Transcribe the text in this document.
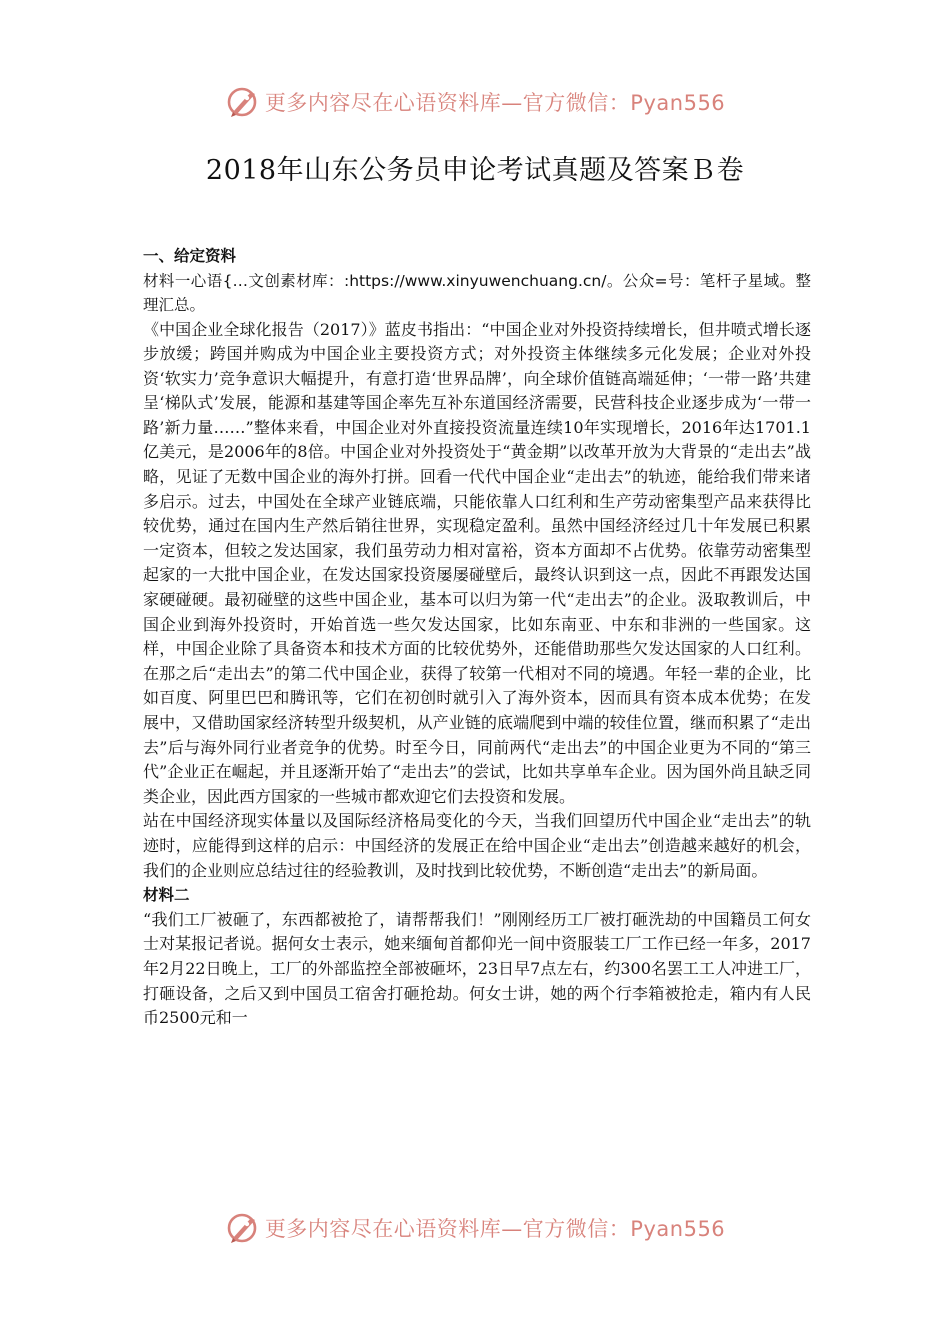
更多内容尽在心语资料库—官方微信：Pyan556
2018年山东公务员申论考试真题及答案Ｂ卷

一、给定资料

材料一心语{…文创素材库：:https://www.xinyuwenchuang.cn/。公众=号：笔杆子星域。整理汇总。

《中国企业全球化报告（2017）》蓝皮书指出：“中国企业对外投资持续增长，但井喷式增长逐步放缓；跨国并购成为中国企业主要投资方式；对外投资主体继续多元化发展；企业对外投资‘软实力’竞争意识大幅提升，有意打造‘世界品牌’，向全球价值链高端延伸；‘一带一路’共建呈‘梯队式’发展，能源和基建等国企率先互补东道国经济需要，民营科技企业逐步成为‘一带一路’新力量……”整体来看，中国企业对外直接投资流量连续10年实现增长，2016年达1701.1亿美元，是2006年的8倍。中国企业对外投资处于“黄金期”以改革开放为大背景的“走出去”战略，见证了无数中国企业的海外打拼。回看一代代中国企业“走出去”的轨迹，能给我们带来诸多启示。过去，中国处在全球产业链底端，只能依靠人口红利和生产劳动密集型产品来获得比较优势，通过在国内生产然后销往世界，实现稳定盈利。虽然中国经济经过几十年发展已积累一定资本，但较之发达国家，我们虽劳动力相对富裕，资本方面却不占优势。依靠劳动密集型起家的一大批中国企业，在发达国家投资屡屡碰壁后，最终认识到这一点，因此不再跟发达国家硬碰硬。最初碰壁的这些中国企业，基本可以归为第一代“走出去”的企业。汲取教训后，中国企业到海外投资时，开始首选一些欠发达国家，比如东南亚、中东和非洲的一些国家。这样，中国企业除了具备资本和技术方面的比较优势外，还能借助那些欠发达国家的人口红利。在那之后“走出去”的第二代中国企业，获得了较第一代相对不同的境遇。年轻一辈的企业，比如百度、阿里巴巴和腾讯等，它们在初创时就引入了海外资本，因而具有资本成本优势；在发展中，又借助国家经济转型升级契机，从产业链的底端爬到中端的较佳位置，继而积累了“走出去”后与海外同行业者竞争的优势。时至今日，同前两代“走出去”的中国企业更为不同的“第三代”企业正在崛起，并且逐渐开始了“走出去”的尝试，比如共享单车企业。因为国外尚且缺乏同类企业，因此西方国家的一些城市都欢迎它们去投资和发展。

站在中国经济现实体量以及国际经济格局变化的今天，当我们回望历代中国企业“走出去”的轨迹时，应能得到这样的启示：中国经济的发展正在给中国企业“走出去”创造越来越好的机会，我们的企业则应总结过往的经验教训，及时找到比较优势，不断创造“走出去”的新局面。

材料二

“我们工厂被砸了，东西都被抢了，请帮帮我们！”刚刚经历工厂被打砸洗劫的中国籍员工何女士对某报记者说。据何女士表示，她来缅甸首都仰光一间中资服装工厂工作已经一年多，2017年2月22日晚上，工厂的外部监控全部被砸坏，23日早7点左右，约300名罢工工人冲进工厂，打砸设备，之后又到中国员工宿舍打砸抢劫。何女士讲，她的两个行李箱被抢走，箱内有人民币2500元和一

更多内容尽在心语资料库—官方微信：Pyan556
